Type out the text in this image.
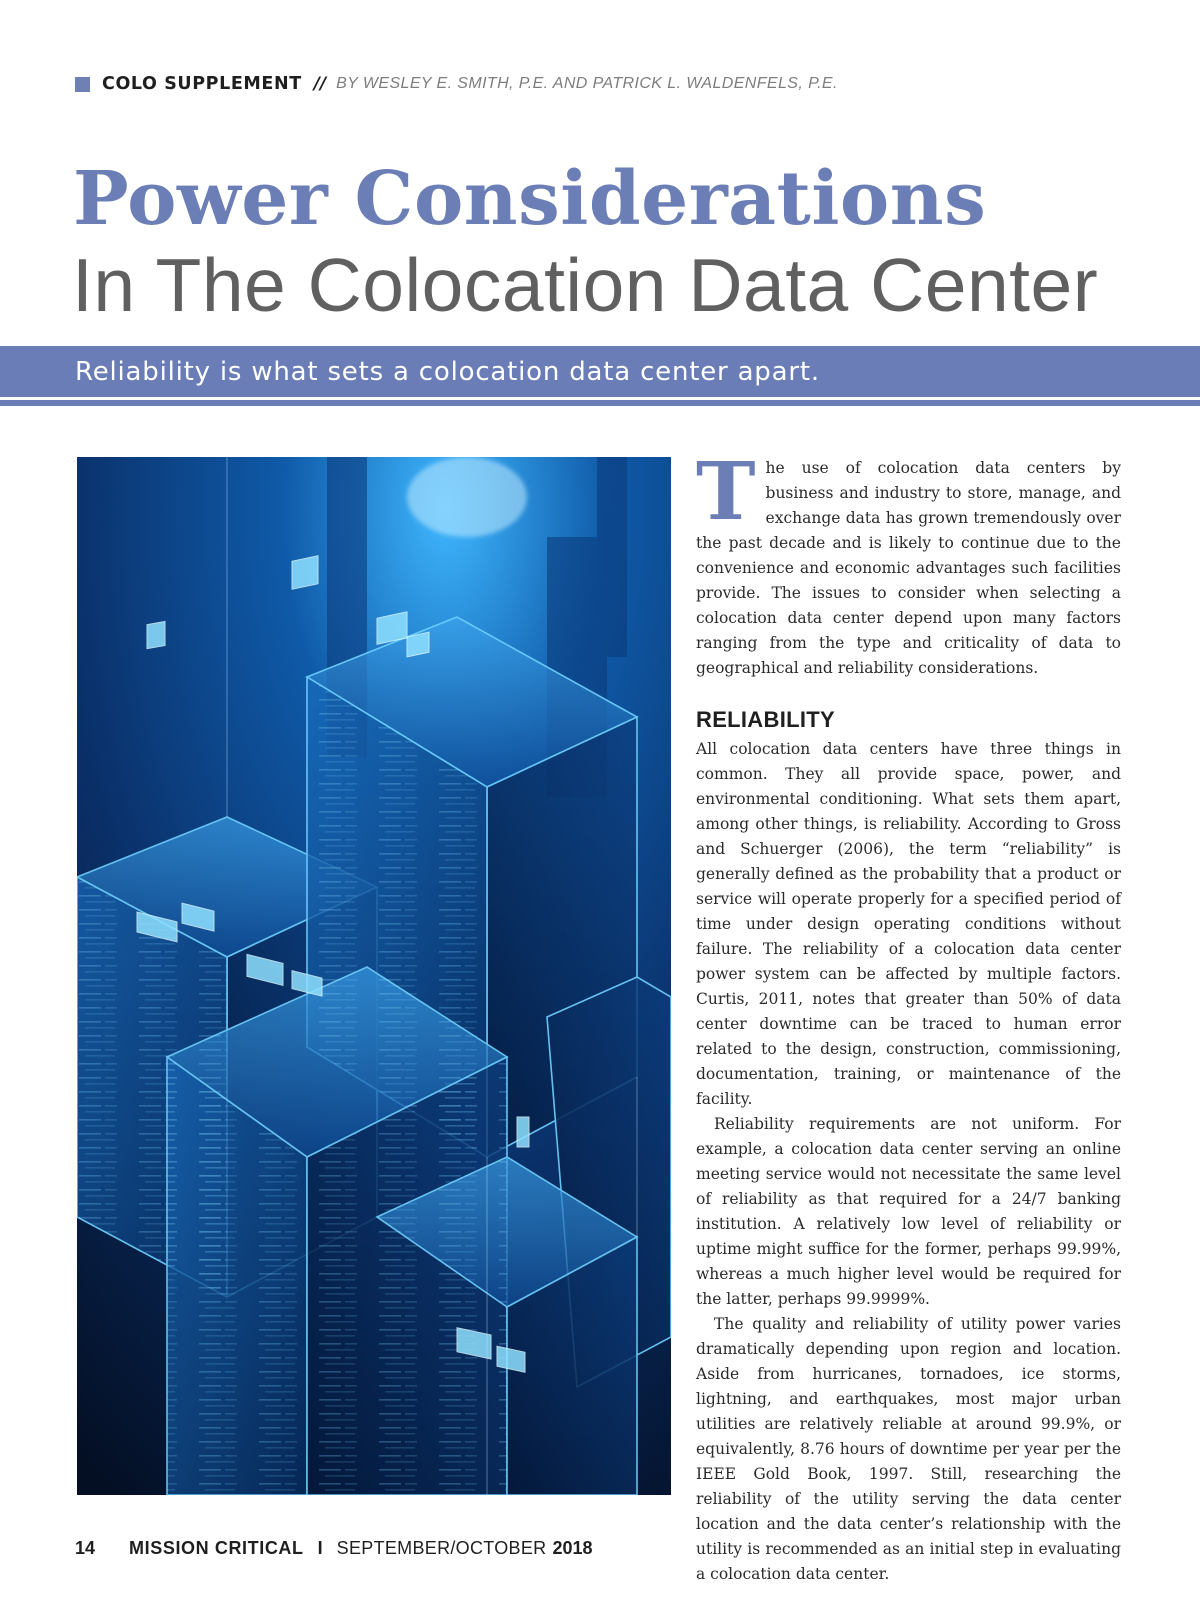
COLO SUPPLEMENT // BY WESLEY E. SMITH, P.E. AND PATRICK L. WALDENFELS, P.E.
Power Considerations
In The Colocation Data Center
Reliability is what sets a colocation data center apart.

The use of colocation data centers by business and industry to store, manage, and exchange data has grown tremendously over the past decade and is likely to continue due to the convenience and economic advantages such facilities provide. The issues to consider when selecting a colocation data center depend upon many factors ranging from the type and criticality of data to geographical and reliability considerations.

RELIABILITY

All colocation data centers have three things in common. They all provide space, power, and environmental conditioning. What sets them apart, among other things, is reliability. According to Gross and Schuerger (2006), the term “reliability” is generally defined as the probability that a product or service will operate properly for a specified period of time under design operating conditions without failure. The reliability of a colocation data center power system can be affected by multiple factors. Curtis, 2011, notes that greater than 50% of data center downtime can be traced to human error related to the design, construction, commissioning, documentation, training, or maintenance of the facility.

Reliability requirements are not uniform. For example, a colocation data center serving an online meeting service would not necessitate the same level of reliability as that required for a 24/7 banking institution. A relatively low level of reliability or uptime might suffice for the former, perhaps 99.99%, whereas a much higher level would be required for the latter, perhaps 99.9999%.

The quality and reliability of utility power varies dramatically depending upon region and location. Aside from hurricanes, tornadoes, ice storms, lightning, and earthquakes, most major urban utilities are relatively reliable at around 99.9%, or equivalently, 8.76 hours of downtime per year per the IEEE Gold Book, 1997. Still, researching the reliability of the utility serving the data center location and the data center’s relationship with the utility is recommended as an initial step in evaluating a colocation data center.

14 MISSION CRITICAL I SEPTEMBER/OCTOBER 2018
